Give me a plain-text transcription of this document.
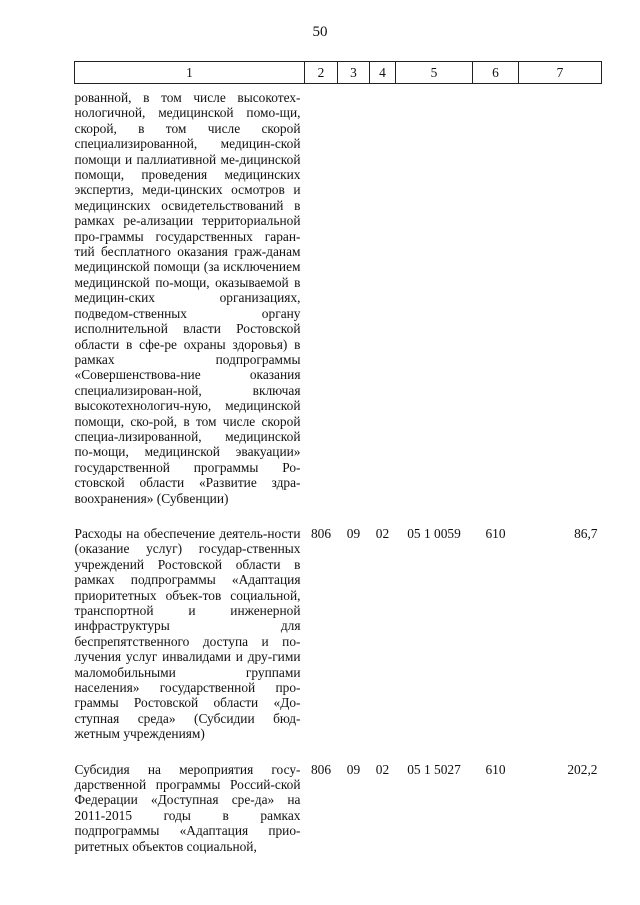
50
1	2	3	4	5	6	7

рованной, в том числе высокотех-нологичной, медицинской помо-щи, скорой, в том числе скорой специализированной, медицин-ской помощи и паллиативной ме-дицинской помощи, проведения медицинских экспертиз, меди-цинских осмотров и медицинских освидетельствований в рамках ре-ализации территориальной про-граммы государственных гаран-тий бесплатного оказания граж-данам медицинской помощи (за исключением медицинской по-мощи, оказываемой в медицин-ских организациях, подведом-ственных органу исполнительной власти Ростовской области в сфе-ре охраны здоровья) в рамках подпрограммы «Совершенствова-ние оказания специализирован-ной, включая высокотехнологич-ную, медицинской помощи, ско-рой, в том числе скорой специа-лизированной, медицинской по-мощи, медицинской эвакуации» государственной программы Ро-стовской области «Развитие здра-воохранения» (Субвенции)						

Расходы на обеспечение деятель-ности (оказание услуг) государ-ственных учреждений Ростовской области в рамках подпрограммы «Адаптация приоритетных объек-тов социальной, транспортной и инженерной инфраструктуры для беспрепятственного доступа и по-лучения услуг инвалидами и дру-гими маломобильными группами населения» государственной про-граммы Ростовской области «До-ступная среда» (Субсидии бюд-жетным учреждениям)	806	09	02	05 1 0059	610	86,7

Субсидия на мероприятия госу-дарственной программы Россий-ской Федерации «Доступная сре-да» на 2011-2015 годы в рамках подпрограммы «Адаптация прио-ритетных объектов социальной,	806	09	02	05 1 5027	610	202,2
